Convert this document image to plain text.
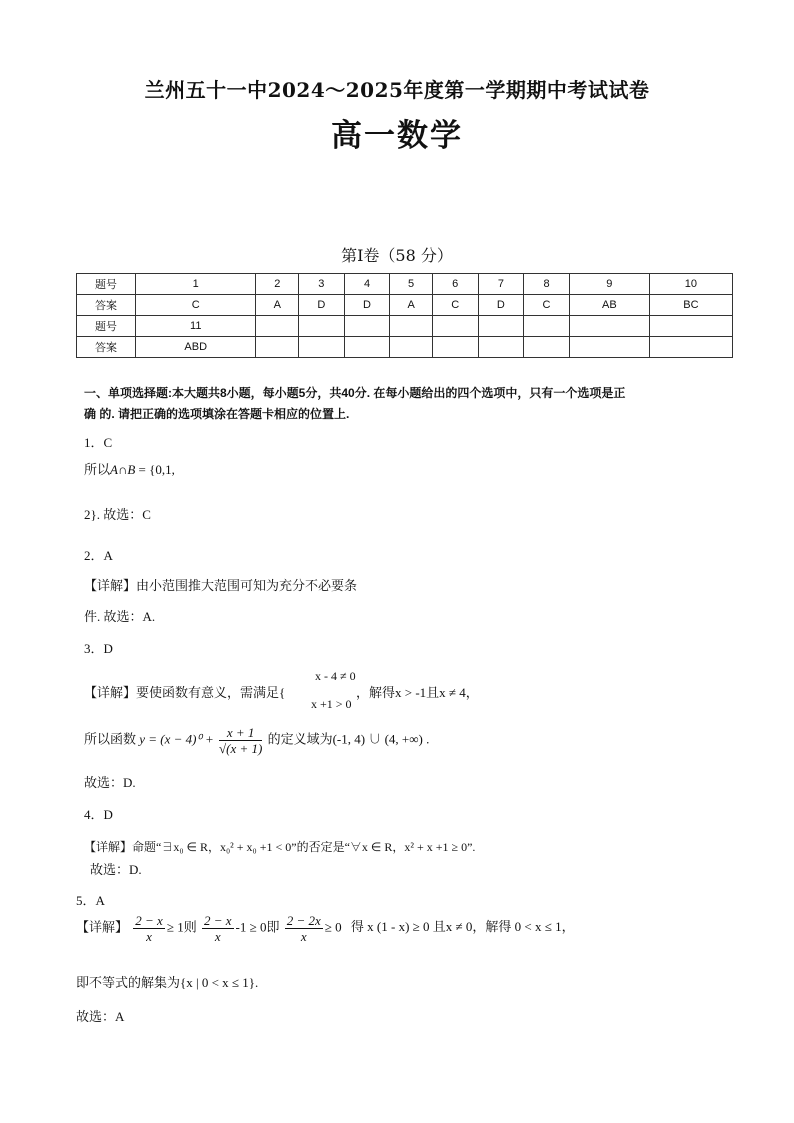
兰州五十一中2024～2025年度第一学期期中考试试卷
高一数学
第Ⅰ卷（58 分）
题号	1	2	3	4	5	6	7	8	9	10
答案	C	A	D	D	A	C	D	C	AB	BC
题号	11									
答案	ABD									
一、单项选择题:本大题共8小题，每小题5分，共40分. 在每小题给出的四个选项中，只有一个选项是正
确 的. 请把正确的选项填涂在答题卡相应的位置上.
1．C
所以A∩B = {0,1,
2}. 故选：C
2．A
【详解】由小范围推大范围可知为充分不必要条
件. 故选：A.
3．D
【详解】要使函数有意义，需满足{
x - 4 ≠ 0
x +1 > 0
，解得x > -1且x ≠ 4，
所以函数 $y = (x - 4)^0 + \frac{x + 1}{√(x + 1)}$ 的定义域为(-1, 4) ∪ (4, +∞) .
故选：D.
4．D
【详解】命题“∃x₀ ∈ R，x₀² + x₀ +1 < 0”的否定是“∀x ∈ R，x² + x +1 ≥ 0”.
故选：D.
5．A
【详解】 $\frac{2 - x}{x} \ge 1$则 $\frac{2 - x}{x} -1 \ge 0$即 $\frac{2 - 2x}{x} \ge 0$ 得 x (1 - x) ≥ 0 且x ≠ 0，解得 0 < x ≤ 1，
即不等式的解集为{x | 0 < x ≤ 1}.
故选：A
